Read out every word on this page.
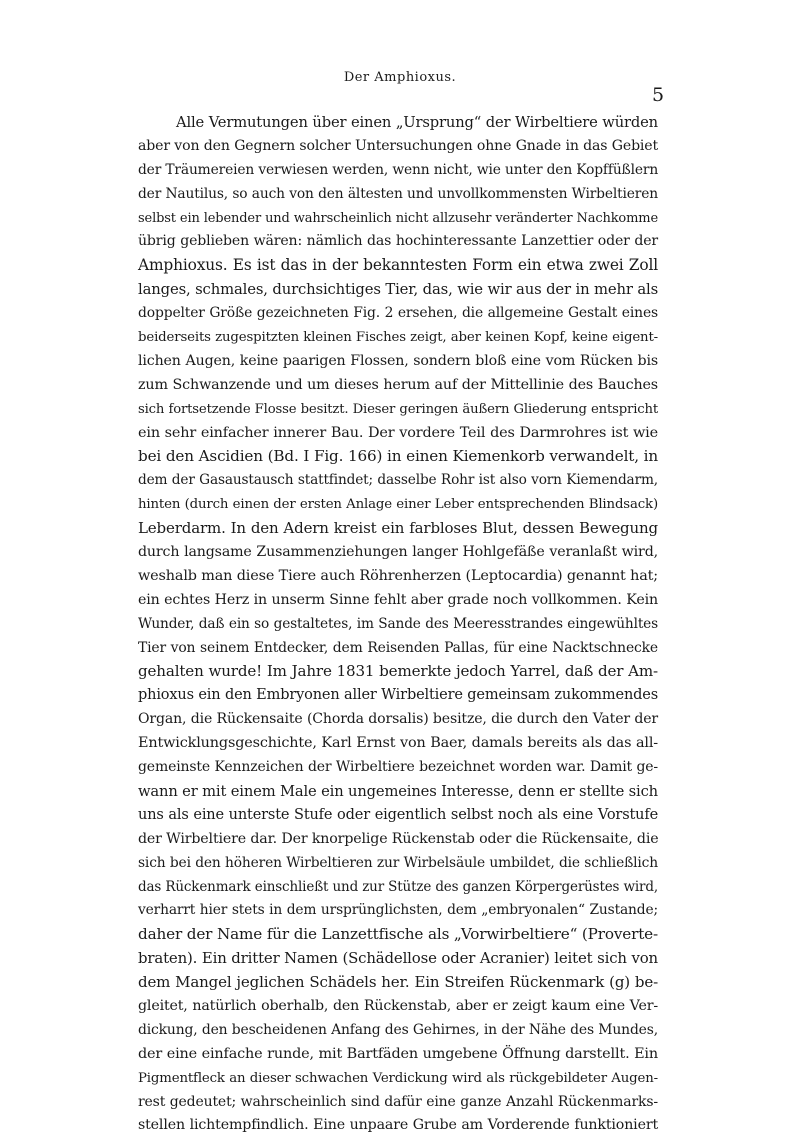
Der Amphioxus.
5
Alle Vermutungen über einen „Ursprung“ der Wirbeltiere würden
aber von den Gegnern solcher Untersuchungen ohne Gnade in das Gebiet
der Träumereien verwiesen werden, wenn nicht, wie unter den Kopffüßlern
der Nautilus, so auch von den ältesten und unvollkommensten Wirbeltieren
selbst ein lebender und wahrscheinlich nicht allzusehr veränderter Nachkomme
übrig geblieben wären: nämlich das hochinteressante Lanzettier oder der
Amphioxus. Es ist das in der bekanntesten Form ein etwa zwei Zoll
langes, schmales, durchsichtiges Tier, das, wie wir aus der in mehr als
doppelter Größe gezeichneten Fig. 2 ersehen, die allgemeine Gestalt eines
beiderseits zugespitzten kleinen Fisches zeigt, aber keinen Kopf, keine eigent-
lichen Augen, keine paarigen Flossen, sondern bloß eine vom Rücken bis
zum Schwanzende und um dieses herum auf der Mittellinie des Bauches
sich fortsetzende Flosse besitzt. Dieser geringen äußern Gliederung entspricht
ein sehr einfacher innerer Bau. Der vordere Teil des Darmrohres ist wie
bei den Ascidien (Bd. I Fig. 166) in einen Kiemenkorb verwandelt, in
dem der Gasaustausch stattfindet; dasselbe Rohr ist also vorn Kiemendarm,
hinten (durch einen der ersten Anlage einer Leber entsprechenden Blindsack)
Leberdarm. In den Adern kreist ein farbloses Blut, dessen Bewegung
durch langsame Zusammenziehungen langer Hohlgefäße veranlaßt wird,
weshalb man diese Tiere auch Röhrenherzen (Leptocardia) genannt hat;
ein echtes Herz in unserm Sinne fehlt aber grade noch vollkommen. Kein
Wunder, daß ein so gestaltetes, im Sande des Meeresstrandes eingewühltes
Tier von seinem Entdecker, dem Reisenden Pallas, für eine Nacktschnecke
gehalten wurde! Im Jahre 1831 bemerkte jedoch Yarrel, daß der Am-
phioxus ein den Embryonen aller Wirbeltiere gemeinsam zukommendes
Organ, die Rückensaite (Chorda dorsalis) besitze, die durch den Vater der
Entwicklungsgeschichte, Karl Ernst von Baer, damals bereits als das all-
gemeinste Kennzeichen der Wirbeltiere bezeichnet worden war. Damit ge-
wann er mit einem Male ein ungemeines Interesse, denn er stellte sich
uns als eine unterste Stufe oder eigentlich selbst noch als eine Vorstufe
der Wirbeltiere dar. Der knorpelige Rückenstab oder die Rückensaite, die
sich bei den höheren Wirbeltieren zur Wirbelsäule umbildet, die schließlich
das Rückenmark einschließt und zur Stütze des ganzen Körpergerüstes wird,
verharrt hier stets in dem ursprünglichsten, dem „embryonalen“ Zustande;
daher der Name für die Lanzettfische als „Vorwirbeltiere“ (Proverte-
braten). Ein dritter Namen (Schädellose oder Acranier) leitet sich von
dem Mangel jeglichen Schädels her. Ein Streifen Rückenmark (g) be-
gleitet, natürlich oberhalb, den Rückenstab, aber er zeigt kaum eine Ver-
dickung, den bescheidenen Anfang des Gehirnes, in der Nähe des Mundes,
der eine einfache runde, mit Bartfäden umgebene Öffnung darstellt. Ein
Pigmentfleck an dieser schwachen Verdickung wird als rückgebildeter Augen-
rest gedeutet; wahrscheinlich sind dafür eine ganze Anzahl Rückenmarks-
stellen lichtempfindlich. Eine unpaare Grube am Vorderende funktioniert
